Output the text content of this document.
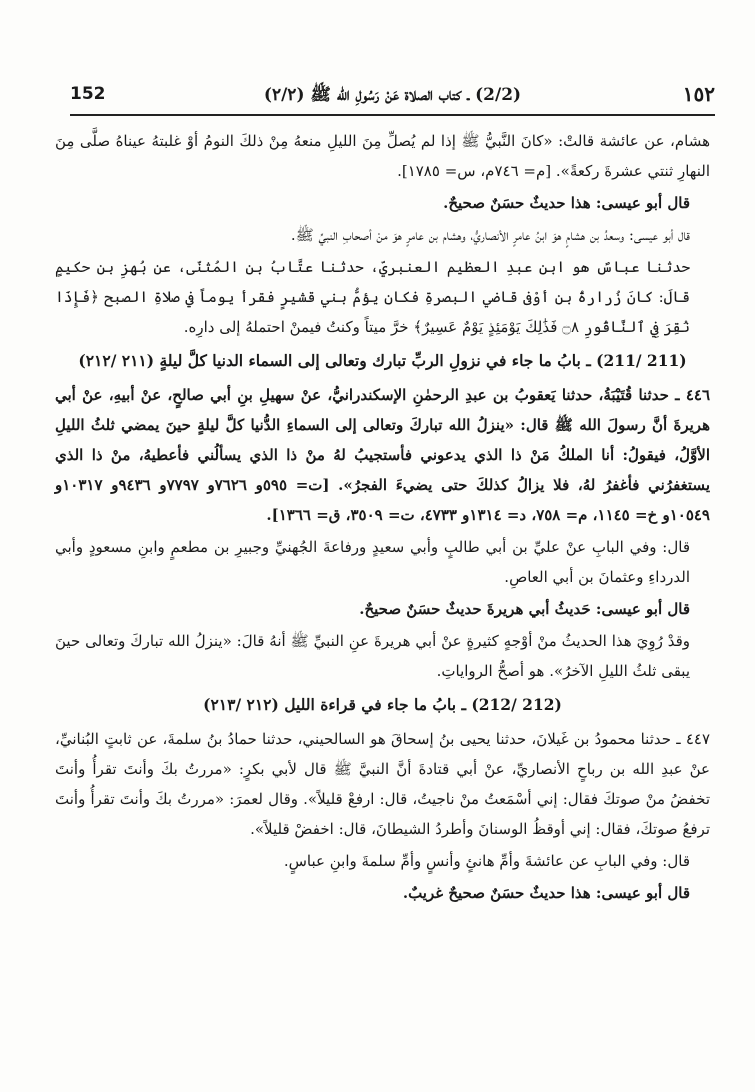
152	(2/2) ـ كتاب الصلاة عَنْ رَسُولِ الله ﷺ (٢/٢)	١٥٢

هشام، عن عائشة قالتْ: «كانَ النَّبيُّ ﷺ إذا لم يُصلِّ مِنَ الليلِ منعهُ مِنْ ذلكَ النومُ أوْ غلبتهُ عيناهُ صلَّى مِنَ النهارِ ثنتي عشرةَ ركعةً». [م= ٧٤٦م، س= ١٧٨٥].

قال أبو عيسى: هذا حديثٌ حسَنٌ صحيحٌ.

قال أبو عيسى: وسعدُ بن هشامٍ هوَ ابنُ عامرٍ الأنصاريُّ، وهشام بن عامرٍ هوَ منْ أصحابِ النبيِّ ﷺ.

حدثنا عباسٌ هو ابن عبدِ العظيم العنبريّ، حدثنا عتَّابُ بن المُثنّى، عن بُهزِ بن حكيمٍ قالَ: كانَ زُرارةُ بن أوْفى قاضي البصرةِ فكان يؤمُّ بني قشيرٍ فقرأ يوماً في صلاةِ الصبح ﴿فَإِذَا نُقِرَ فِي ٱلنَّاقُورِ ۝٨ فَذَٰلِكَ يَوْمَئِذٍ يَوْمٌ عَسِيرٌ﴾ خرَّ ميتاً وكنتُ فيمنْ احتملهُ إلى دارِه.

(211 /211) ـ بابُ ما جاء في نزولِ الربِّ تبارك وتعالى إلى السماء الدنيا كلَّ ليلةٍ (٢١١ /٢١٢)

٤٤٦ ـ حدثنا قُتَيْبَةُ، حدثنا يَعقوبُ بن عبدِ الرحمٰنِ الإسكندرانيُّ، عنْ سهيلِ بنِ أبي صالحٍ، عنْ أبيهِ، عنْ أبي هريرةَ أنَّ رسولَ الله ﷺ قال: «ينزلُ الله تباركَ وتعالى إلى السماءِ الدُّنيا كلَّ ليلةٍ حينَ يمضي ثلثُ الليلِ الأوَّلُ، فيقولُ: أنا الملكُ مَنْ ذا الذي يدعوني فأستجيبُ لهُ منْ ذا الذي يسألُني فأعطيهُ، منْ ذا الذي يستغفرُني فأغفرُ لهُ، فلا يزالُ كذلكَ حتى يضيءَ الفجرُ». [ت= ٥٩٥و ٧٦٢٦و ٧٧٩٧و ٩٤٣٦و ١٠٣١٧و ١٠٥٤٩و خ= ١١٤٥، م= ٧٥٨، د= ١٣١٤و ٤٧٣٣، ت= ٣٥٠٩، ق= ١٣٦٦].

قال: وفي البابِ عنْ عليِّ بن أبي طالبٍ وأبي سعيدٍ ورفاعةَ الجُهنيِّ وجبيرِ بن مطعمٍ وابنِ مسعودٍ وأبي الدرداءِ وعثمانَ بن أبي العاصِ.

قال أبو عيسى: حَديثُ أبي هريرةَ حديثٌ حسَنٌ صحيحٌ.

وقدْ رُوِيَ هذا الحديثُ منْ أوْجهٍ كثيرةٍ عنْ أبي هريرةَ عنِ النبيِّ ﷺ أنهُ قالَ: «ينزلُ الله تباركَ وتعالى حينَ يبقى ثلثُ الليلِ الآخرُ». هو أصحُّ الرواياتِ.

(212 /212) ـ بابُ ما جاء في قراءة الليل (٢١٢ /٢١٣)

٤٤٧ ـ حدثنا محمودُ بن غَيلانَ، حدثنا يحيى بنُ إسحاقَ هو السالحيني، حدثنا حمادُ بنُ سلمةَ، عن ثابتٍ البُنانيِّ، عنْ عبدِ الله بن رباحٍ الأنصاريِّ، عنْ أبي قتادةَ أنَّ النبيَّ ﷺ قال لأبي بكرٍ: «مررتُ بكَ وأنتَ تقرأُ وأنتَ تخفضُ منْ صوتكَ فقال: إني أسْمَعتُ منْ ناجيتُ، قال: ارفعْ قليلاً». وقال لعمرَ: «مررتُ بكَ وأنتَ تقرأُ وأنتَ ترفعُ صوتكَ، فقال: إني أوقظُ الوسنانَ وأطردُ الشيطانَ، قال: اخفضْ قليلاً».

قال: وفي البابِ عن عائشةَ وأمِّ هانئٍ وأنسٍ وأمِّ سلمةَ وابنِ عباسٍ.

قال أبو عيسى: هذا حديثٌ حسَنٌ صحيحٌ غريبٌ.
